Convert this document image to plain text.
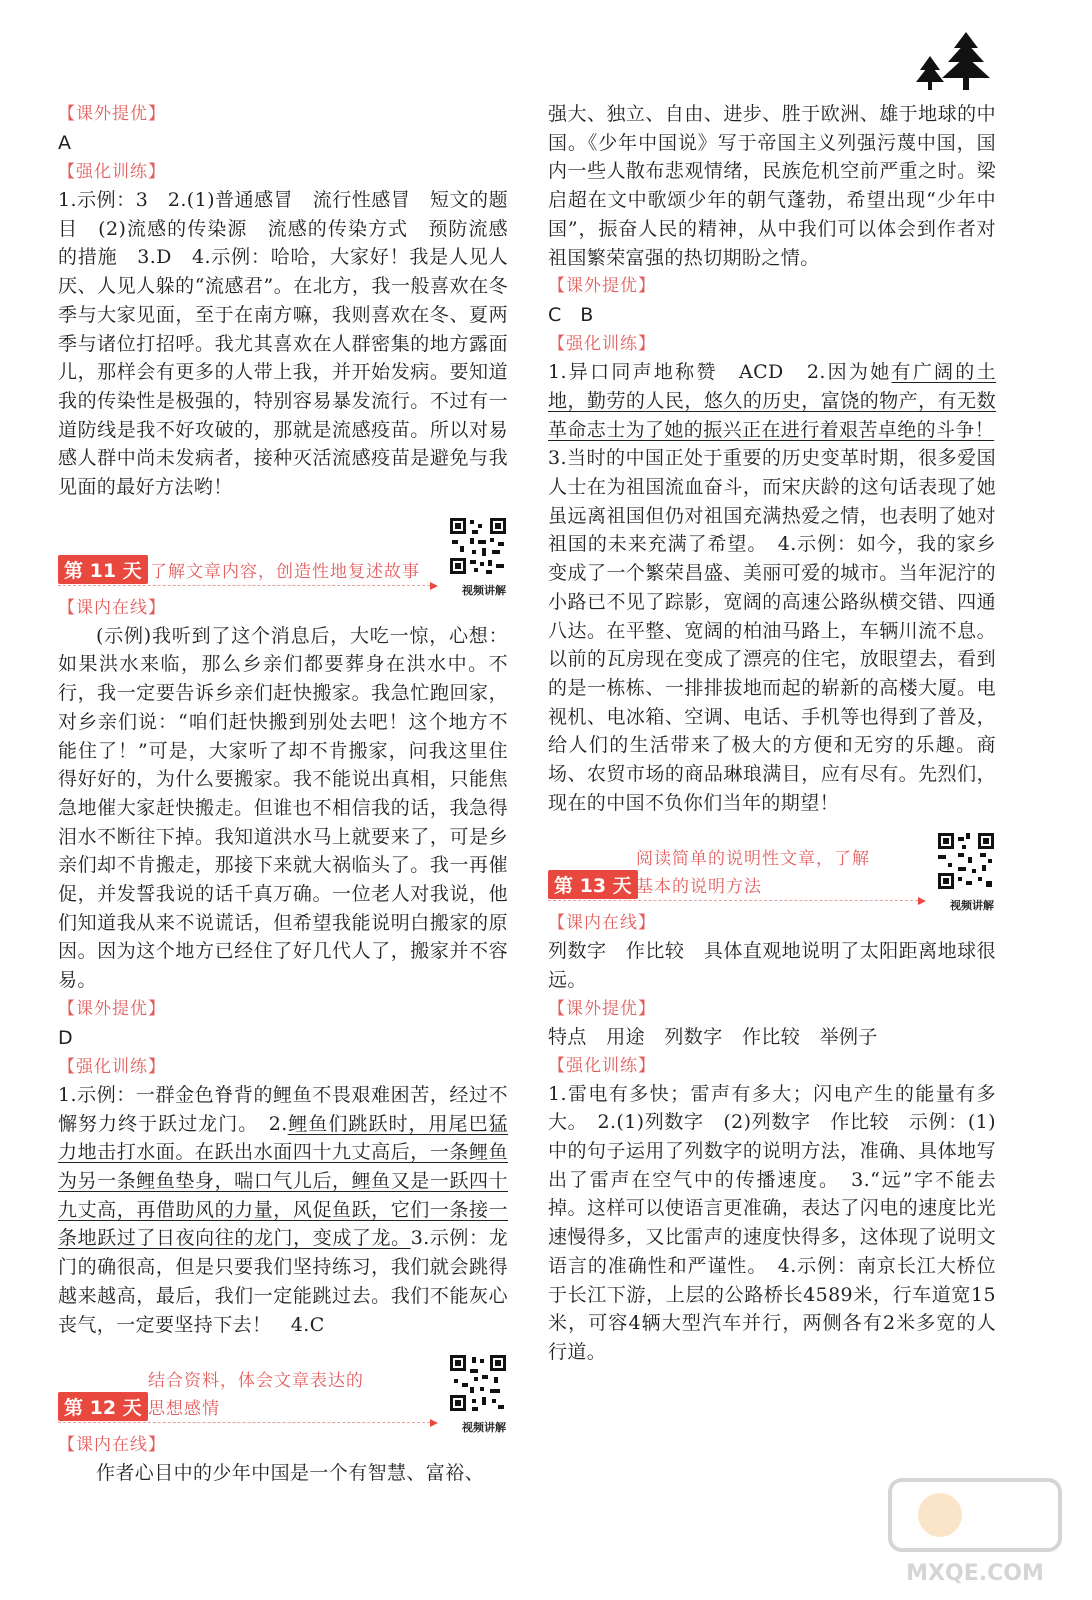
【课外提优】

A

【强化训练】

1.示例：3　2.(1)普通感冒　流行性感冒　短文的题目　(2)流感的传染源　流感的传染方式　预防流感的措施　3.D　4.示例：哈哈，大家好！我是人见人厌、人见人躲的“流感君”。在北方，我一般喜欢在冬季与大家见面，至于在南方嘛，我则喜欢在冬、夏两季与诸位打招呼。我尤其喜欢在人群密集的地方露面儿，那样会有更多的人带上我，并开始发病。要知道我的传染性是极强的，特别容易暴发流行。不过有一道防线是我不好攻破的，那就是流感疫苗。所以对易感人群中尚未发病者，接种灭活流感疫苗是避免与我见面的最好方法哟！

第 11 天 了解文章内容，创造性地复述故事
视频讲解
【课内在线】

(示例)我听到了这个消息后，大吃一惊，心想：如果洪水来临，那么乡亲们都要葬身在洪水中。不行，我一定要告诉乡亲们赶快搬家。我急忙跑回家，对乡亲们说：“咱们赶快搬到别处去吧！这个地方不能住了！”可是，大家听了却不肯搬家，问我这里住得好好的，为什么要搬家。我不能说出真相，只能焦急地催大家赶快搬走。但谁也不相信我的话，我急得泪水不断往下掉。我知道洪水马上就要来了，可是乡亲们却不肯搬走，那接下来就大祸临头了。我一再催促，并发誓我说的话千真万确。一位老人对我说，他们知道我从来不说谎话，但希望我能说明白搬家的原因。因为这个地方已经住了好几代人了，搬家并不容易。

【课外提优】

D

【强化训练】

1.示例：一群金色脊背的鲤鱼不畏艰难困苦，经过不懈努力终于跃过龙门。　2.鲤鱼们跳跃时，用尾巴猛力地击打水面。在跃出水面四十九丈高后，一条鲤鱼为另一条鲤鱼垫身，喘口气儿后，鲤鱼又是一跃四十九丈高，再借助风的力量，风促鱼跃，它们一条接一条地跃过了日夜向往的龙门，变成了龙。3.示例：龙门的确很高，但是只要我们坚持练习，我们就会跳得越来越高，最后，我们一定能跳过去。我们不能灰心丧气，一定要坚持下去！　4.C

结合资料，体会文章表达的
第 12 天 思想感情
视频讲解
【课内在线】

作者心目中的少年中国是一个有智慧、富裕、

强大、独立、自由、进步、胜于欧洲、雄于地球的中国。《少年中国说》写于帝国主义列强污蔑中国，国内一些人散布悲观情绪，民族危机空前严重之时。梁启超在文中歌颂少年的朝气蓬勃，希望出现“少年中国”，振奋人民的精神，从中我们可以体会到作者对祖国繁荣富强的热切期盼之情。

【课外提优】

C　B

【强化训练】

1.异口同声地称赞　ACD　2.因为她有广阔的土地，勤劳的人民，悠久的历史，富饶的物产，有无数革命志士为了她的振兴正在进行着艰苦卓绝的斗争！　3.当时的中国正处于重要的历史变革时期，很多爱国人士在为祖国流血奋斗，而宋庆龄的这句话表现了她虽远离祖国但仍对祖国充满热爱之情，也表明了她对祖国的未来充满了希望。　4.示例：如今，我的家乡变成了一个繁荣昌盛、美丽可爱的城市。当年泥泞的小路已不见了踪影，宽阔的高速公路纵横交错、四通八达。在平整、宽阔的柏油马路上，车辆川流不息。以前的瓦房现在变成了漂亮的住宅，放眼望去，看到的是一栋栋、一排排拔地而起的崭新的高楼大厦。电视机、电冰箱、空调、电话、手机等也得到了普及，给人们的生活带来了极大的方便和无穷的乐趣。商场、农贸市场的商品琳琅满目，应有尽有。先烈们，现在的中国不负你们当年的期望！

阅读简单的说明性文章，了解
第 13 天 基本的说明方法
视频讲解
【课内在线】

列数字　作比较　具体直观地说明了太阳距离地球很远。

【课外提优】

特点　用途　列数字　作比较　举例子

【强化训练】

1.雷电有多快；雷声有多大；闪电产生的能量有多大。　2.(1)列数字　(2)列数字　作比较　示例：(1)中的句子运用了列数字的说明方法，准确、具体地写出了雷声在空气中的传播速度。　3.“远”字不能去掉。这样可以使语言更准确，表达了闪电的速度比光速慢得多，又比雷声的速度快得多，这体现了说明文语言的准确性和严谨性。　4.示例：南京长江大桥位于长江下游，上层的公路桥长4589米，行车道宽15米，可容4辆大型汽车并行，两侧各有2米多宽的人行道。

MXQE.COM
